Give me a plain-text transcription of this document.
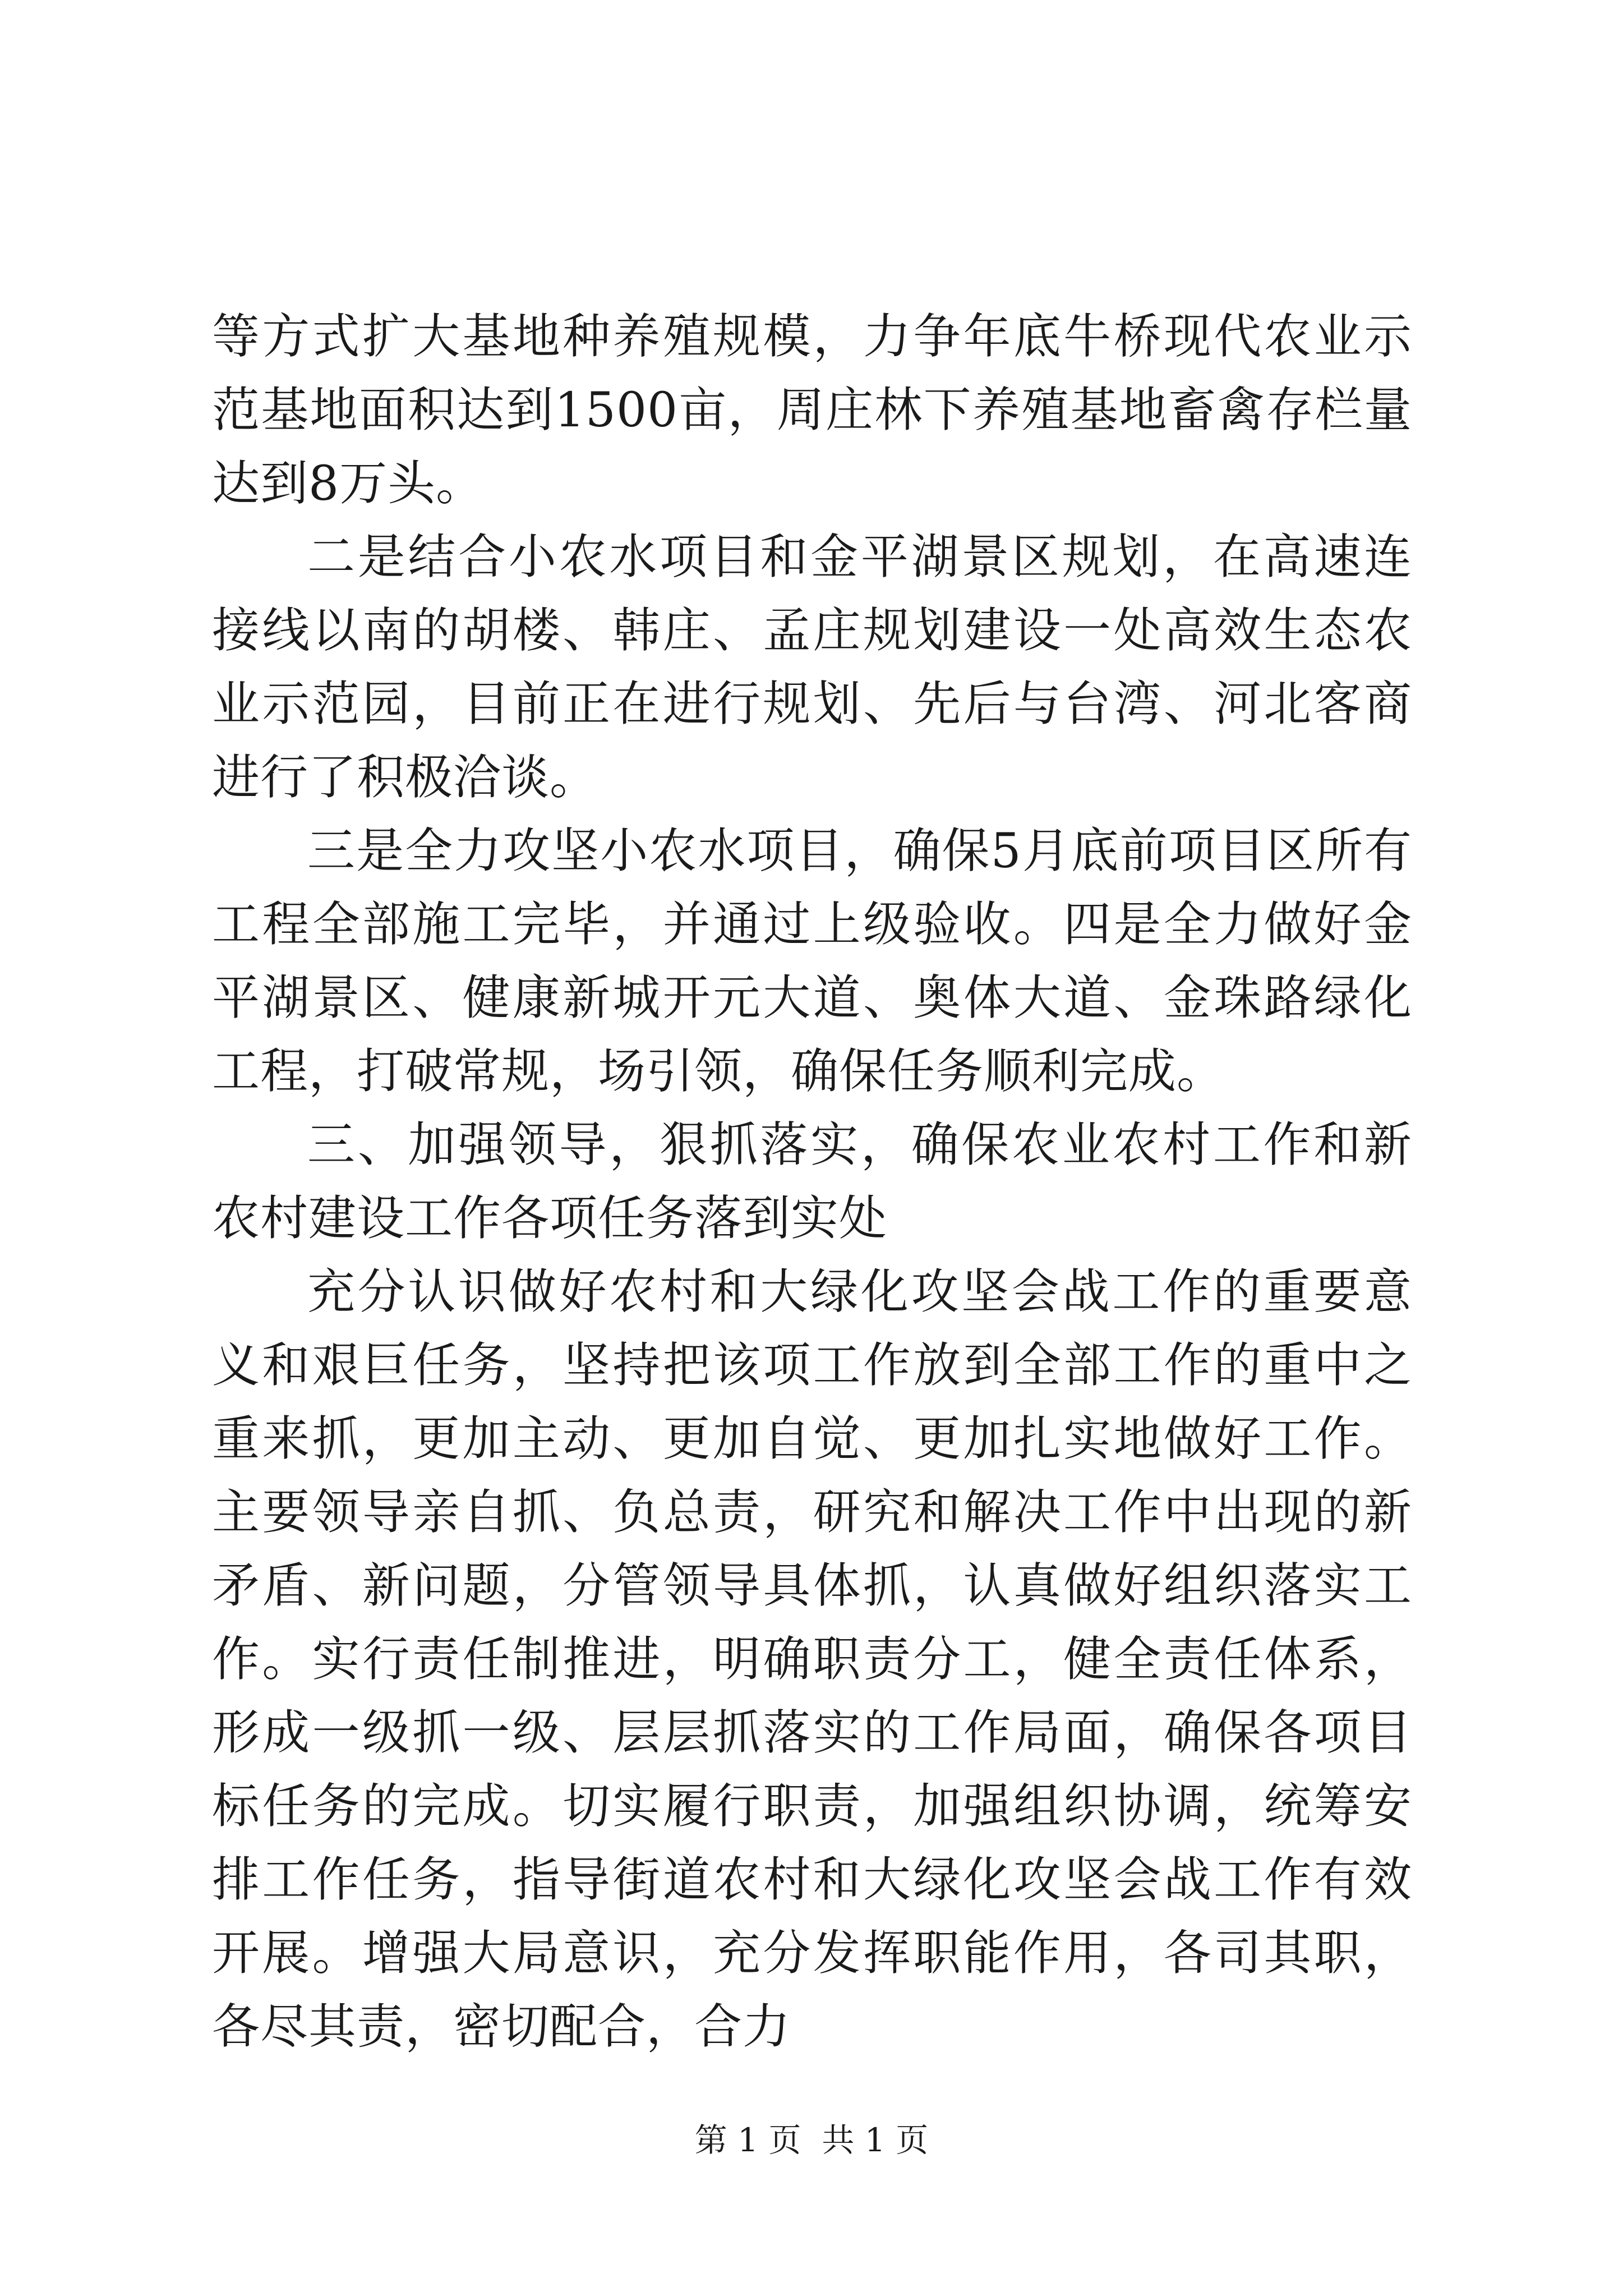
等方式扩大基地种养殖规模，力争年底牛桥现代农业示范基地面积达到1500亩，周庄林下养殖基地畜禽存栏量达到8万头。

二是结合小农水项目和金平湖景区规划，在高速连接线以南的胡楼、韩庄、孟庄规划建设一处高效生态农业示范园，目前正在进行规划、先后与台湾、河北客商进行了积极洽谈。

三是全力攻坚小农水项目，确保5月底前项目区所有工程全部施工完毕，并通过上级验收。四是全力做好金平湖景区、健康新城开元大道、奥体大道、金珠路绿化工程，打破常规，场引领，确保任务顺利完成。

三、加强领导，狠抓落实，确保农业农村工作和新农村建设工作各项任务落到实处

充分认识做好农村和大绿化攻坚会战工作的重要意义和艰巨任务，坚持把该项工作放到全部工作的重中之重来抓，更加主动、更加自觉、更加扎实地做好工作。主要领导亲自抓、负总责，研究和解决工作中出现的新矛盾、新问题，分管领导具体抓，认真做好组织落实工作。实行责任制推进，明确职责分工，健全责任体系，形成一级抓一级、层层抓落实的工作局面，确保各项目标任务的完成。切实履行职责，加强组织协调，统筹安排工作任务，指导街道农村和大绿化攻坚会战工作有效开展。增强大局意识，充分发挥职能作用，各司其职，各尽其责，密切配合，合力

第 1 页  共 1 页
